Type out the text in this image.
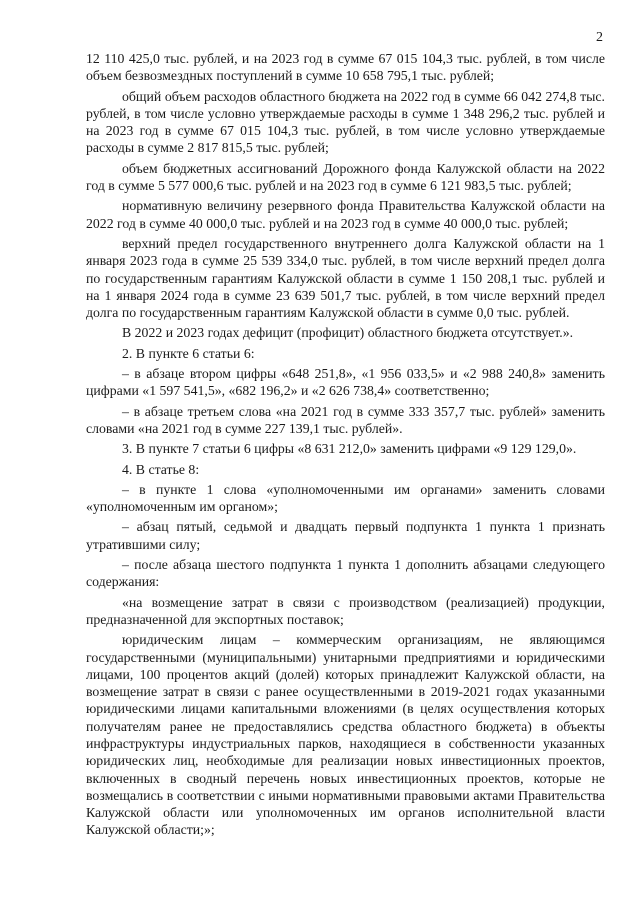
2

12 110 425,0 тыс. рублей, и на 2023 год в сумме 67 015 104,3 тыс. рублей, в том числе объем безвозмездных поступлений в сумме 10 658 795,1 тыс. рублей;

общий объем расходов областного бюджета на 2022 год в сумме 66 042 274,8 тыс. рублей, в том числе условно утверждаемые расходы в сумме 1 348 296,2 тыс. рублей и на 2023 год в сумме 67 015 104,3 тыс. рублей, в том числе условно утверждаемые расходы в сумме 2 817 815,5 тыс. рублей;

объем бюджетных ассигнований Дорожного фонда Калужской области на 2022 год в сумме 5 577 000,6 тыс. рублей и на 2023 год в сумме 6 121 983,5 тыс. рублей;

нормативную величину резервного фонда Правительства Калужской области на 2022 год в сумме 40 000,0 тыс. рублей и на 2023 год в сумме 40 000,0 тыс. рублей;

верхний предел государственного внутреннего долга Калужской области на 1 января 2023 года в сумме 25 539 334,0 тыс. рублей, в том числе верхний предел долга по государственным гарантиям Калужской области в сумме 1 150 208,1 тыс. рублей и на 1 января 2024 года в сумме 23 639 501,7 тыс. рублей, в том числе верхний предел долга по государственным гарантиям Калужской области в сумме 0,0 тыс. рублей.

В 2022 и 2023 годах дефицит (профицит) областного бюджета отсутствует.».

2. В пункте 6 статьи 6:

– в абзаце втором цифры «648 251,8», «1 956 033,5» и «2 988 240,8» заменить цифрами «1 597 541,5», «682 196,2» и «2 626 738,4» соответственно;

– в абзаце третьем слова «на 2021 год в сумме 333 357,7 тыс. рублей» заменить словами «на 2021 год в сумме 227 139,1 тыс. рублей».

3. В пункте 7 статьи 6 цифры «8 631 212,0» заменить цифрами «9 129 129,0».

4. В статье 8:

– в пункте 1 слова «уполномоченными им органами» заменить словами «уполномоченным им органом»;

– абзац пятый, седьмой и двадцать первый подпункта 1 пункта 1 признать утратившими силу;

– после абзаца шестого подпункта 1 пункта 1 дополнить абзацами следующего содержания:

«на возмещение затрат в связи с производством (реализацией) продукции, предназначенной для экспортных поставок;

юридическим лицам – коммерческим организациям, не являющимся государственными (муниципальными) унитарными предприятиями и юридическими лицами, 100 процентов акций (долей) которых принадлежит Калужской области, на возмещение затрат в связи с ранее осуществленными в 2019-2021 годах указанными юридическими лицами капитальными вложениями (в целях осуществления которых получателям ранее не предоставлялись средства областного бюджета) в объекты инфраструктуры индустриальных парков, находящиеся в собственности указанных юридических лиц, необходимые для реализации новых инвестиционных проектов, включенных в сводный перечень новых инвестиционных проектов, которые не возмещались в соответствии с иными нормативными правовыми актами Правительства Калужской области или уполномоченных им органов исполнительной власти Калужской области;»;
